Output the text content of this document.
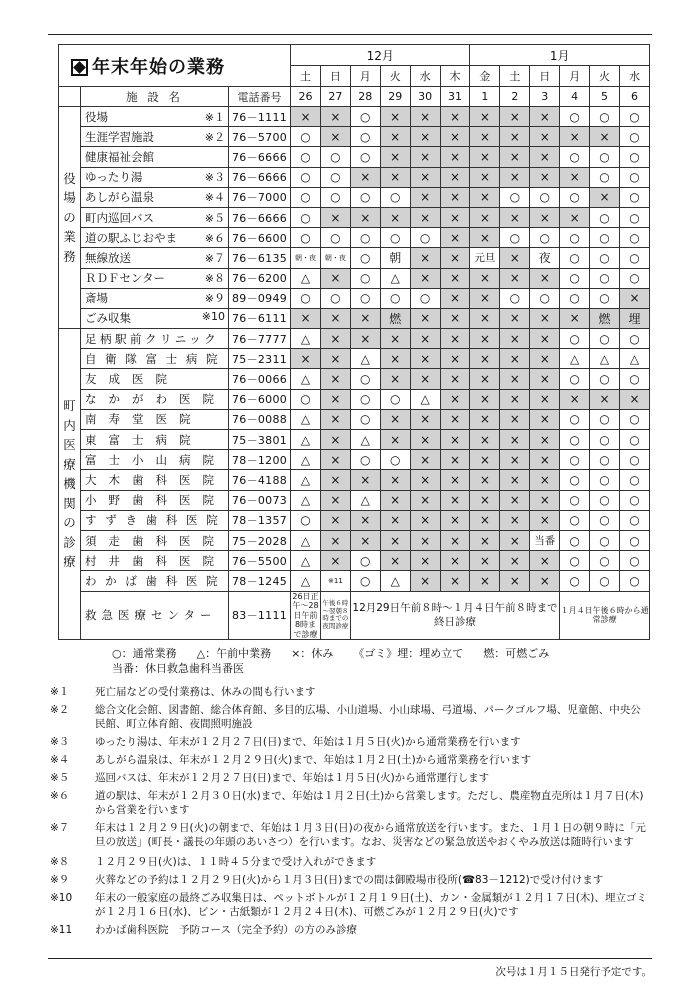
年末年始の業務			12月						1月					
			土	日	月	火	水	木	金	土	日	月	火	水
	施 設 名	電話番号	26	27	28	29	30	31	1	2	3	4	5	6

役場の業務	役場 ※１	76－1111	×	×	○	×	×	×	×	×	×	○	○	○
	生涯学習施設 ※２	76－5700	○	×	○	×	×	×	×	×	×	×	×	○
	健康福祉会館	76－6666	○	○	○	×	×	×	×	×	×	○	○	○
	ゆったり湯 ※３	76－6666	○	○	×	×	×	×	×	×	×	×	○	○
	あしがら温泉 ※４	76－7000	○	○	○	○	×	×	×	○	○	○	×	○
	町内巡回バス ※５	76－6666	○	×	×	×	×	×	×	×	×	×	○	○
	道の駅ふじおやま ※６	76－6600	○	○	○	○	○	×	×	○	○	○	○	○
	無線放送 ※７	76－6135	朝・夜	朝・夜	○	朝	×	×	元旦	×	夜	○	○	○
	ＲＤＦセンター ※８	76－6200	△	×	○	△	×	×	×	×	×	○	○	○
	斎場 ※９	89－0949	○	○	○	○	○	×	×	○	○	○	○	×
	ごみ収集 ※10	76－6111	×	×	×	燃	×	×	×	×	×	×	燃	埋

町内医療機関の診療	足柄駅前クリニック	76－7777	△	×	×	×	×	×	×	×	×	○	○	○
	自衛隊富士病院	75－2311	×	×	△	×	×	×	×	×	×	△	△	△
	友成医院	76－0066	△	×	○	×	×	×	×	×	×	○	○	○
	なかがわ医院	76－6000	○	×	○	○	△	×	×	×	×	×	×	×
	南寿堂医院	76－0088	△	×	○	×	×	×	×	×	×	○	○	○
	東富士病院	75－3801	△	×	△	×	×	×	×	×	×	○	○	○
	富士小山病院	78－1200	△	×	○	○	×	×	×	×	×	○	○	○
	大木歯科医院	76－4188	△	×	×	×	×	×	×	×	×	○	○	○
	小野歯科医院	76－0073	△	×	△	×	×	×	×	×	×	○	○	○
	すずき歯科医院	78－1357	○	×	×	×	×	×	×	×	×	○	○	○
	須走歯科医院	75－2028	△	×	×	×	×	×	×	×	当番	○	○	○
	村井歯科医院	76－5500	△	×	○	×	×	×	×	×	×	○	○	○
	わかば歯科医院	78－1245	△	※11	○	△	×	×	×	×	×	○	○	○
	救急医療センター	83－1111	26日正午～28日午前8時まで診療	午後６時～翌朝８時までの夜間診療	12月29日午前８時～１月４日午前８時まで終日診療							１月４日午後６時から通常診療		
○：通常業務 △：午前中業務 ×：休み 《ゴミ》埋：埋め立て 燃：可燃ごみ
当番：休日救急歯科当番医
※１ 死亡届などの受付業務は、休みの間も行います
※２ 総合文化会館、図書館、総合体育館、多目的広場、小山道場、小山球場、弓道場、パークゴルフ場、児童館、中央公民館、町立体育館、夜間照明施設
※３ ゆったり湯は、年末が１２月２７日(日)まで、年始は１月５日(火)から通常業務を行います
※４ あしがら温泉は、年末が１２月２９日(火)まで、年始は１月２日(土)から通常業務を行います
※５ 巡回バスは、年末が１２月２７日(日)まで、年始は１月５日(火)から通常運行します
※６ 道の駅は、年末が１２月３０日(水)まで、年始は１月２日(土)から営業します。ただし、農産物直売所は１月７日(木)から営業を行います
※７ 年末は１２月２９日(火)の朝まで、年始は１月３日(日)の夜から通常放送を行います。また、１月１日の朝９時に「元旦の放送」(町長・議長の年頭のあいさつ）を行います。なお、災害などの緊急放送やおくやみ放送は随時行います
※８ １２月２９日(火)は、１１時４５分まで受け入れができます
※９ 火葬などの予約は１２月２９日(火)から１月３日(日)までの間は御殿場市役所(☎83－1212)で受け付けます
※10 年末の一般家庭の最終ごみ収集日は、ペットボトルが１２月１９日(土)、カン・金属類が１２月１７日(木)、埋立ゴミが１２月１６日(水)、ビン・古紙類が１２月２４日(木)、可燃ごみが１２月２９日(火)です
※11 わかば歯科医院　予防コース（完全予約）の方のみ診療
次号は１月１５日発行予定です。
